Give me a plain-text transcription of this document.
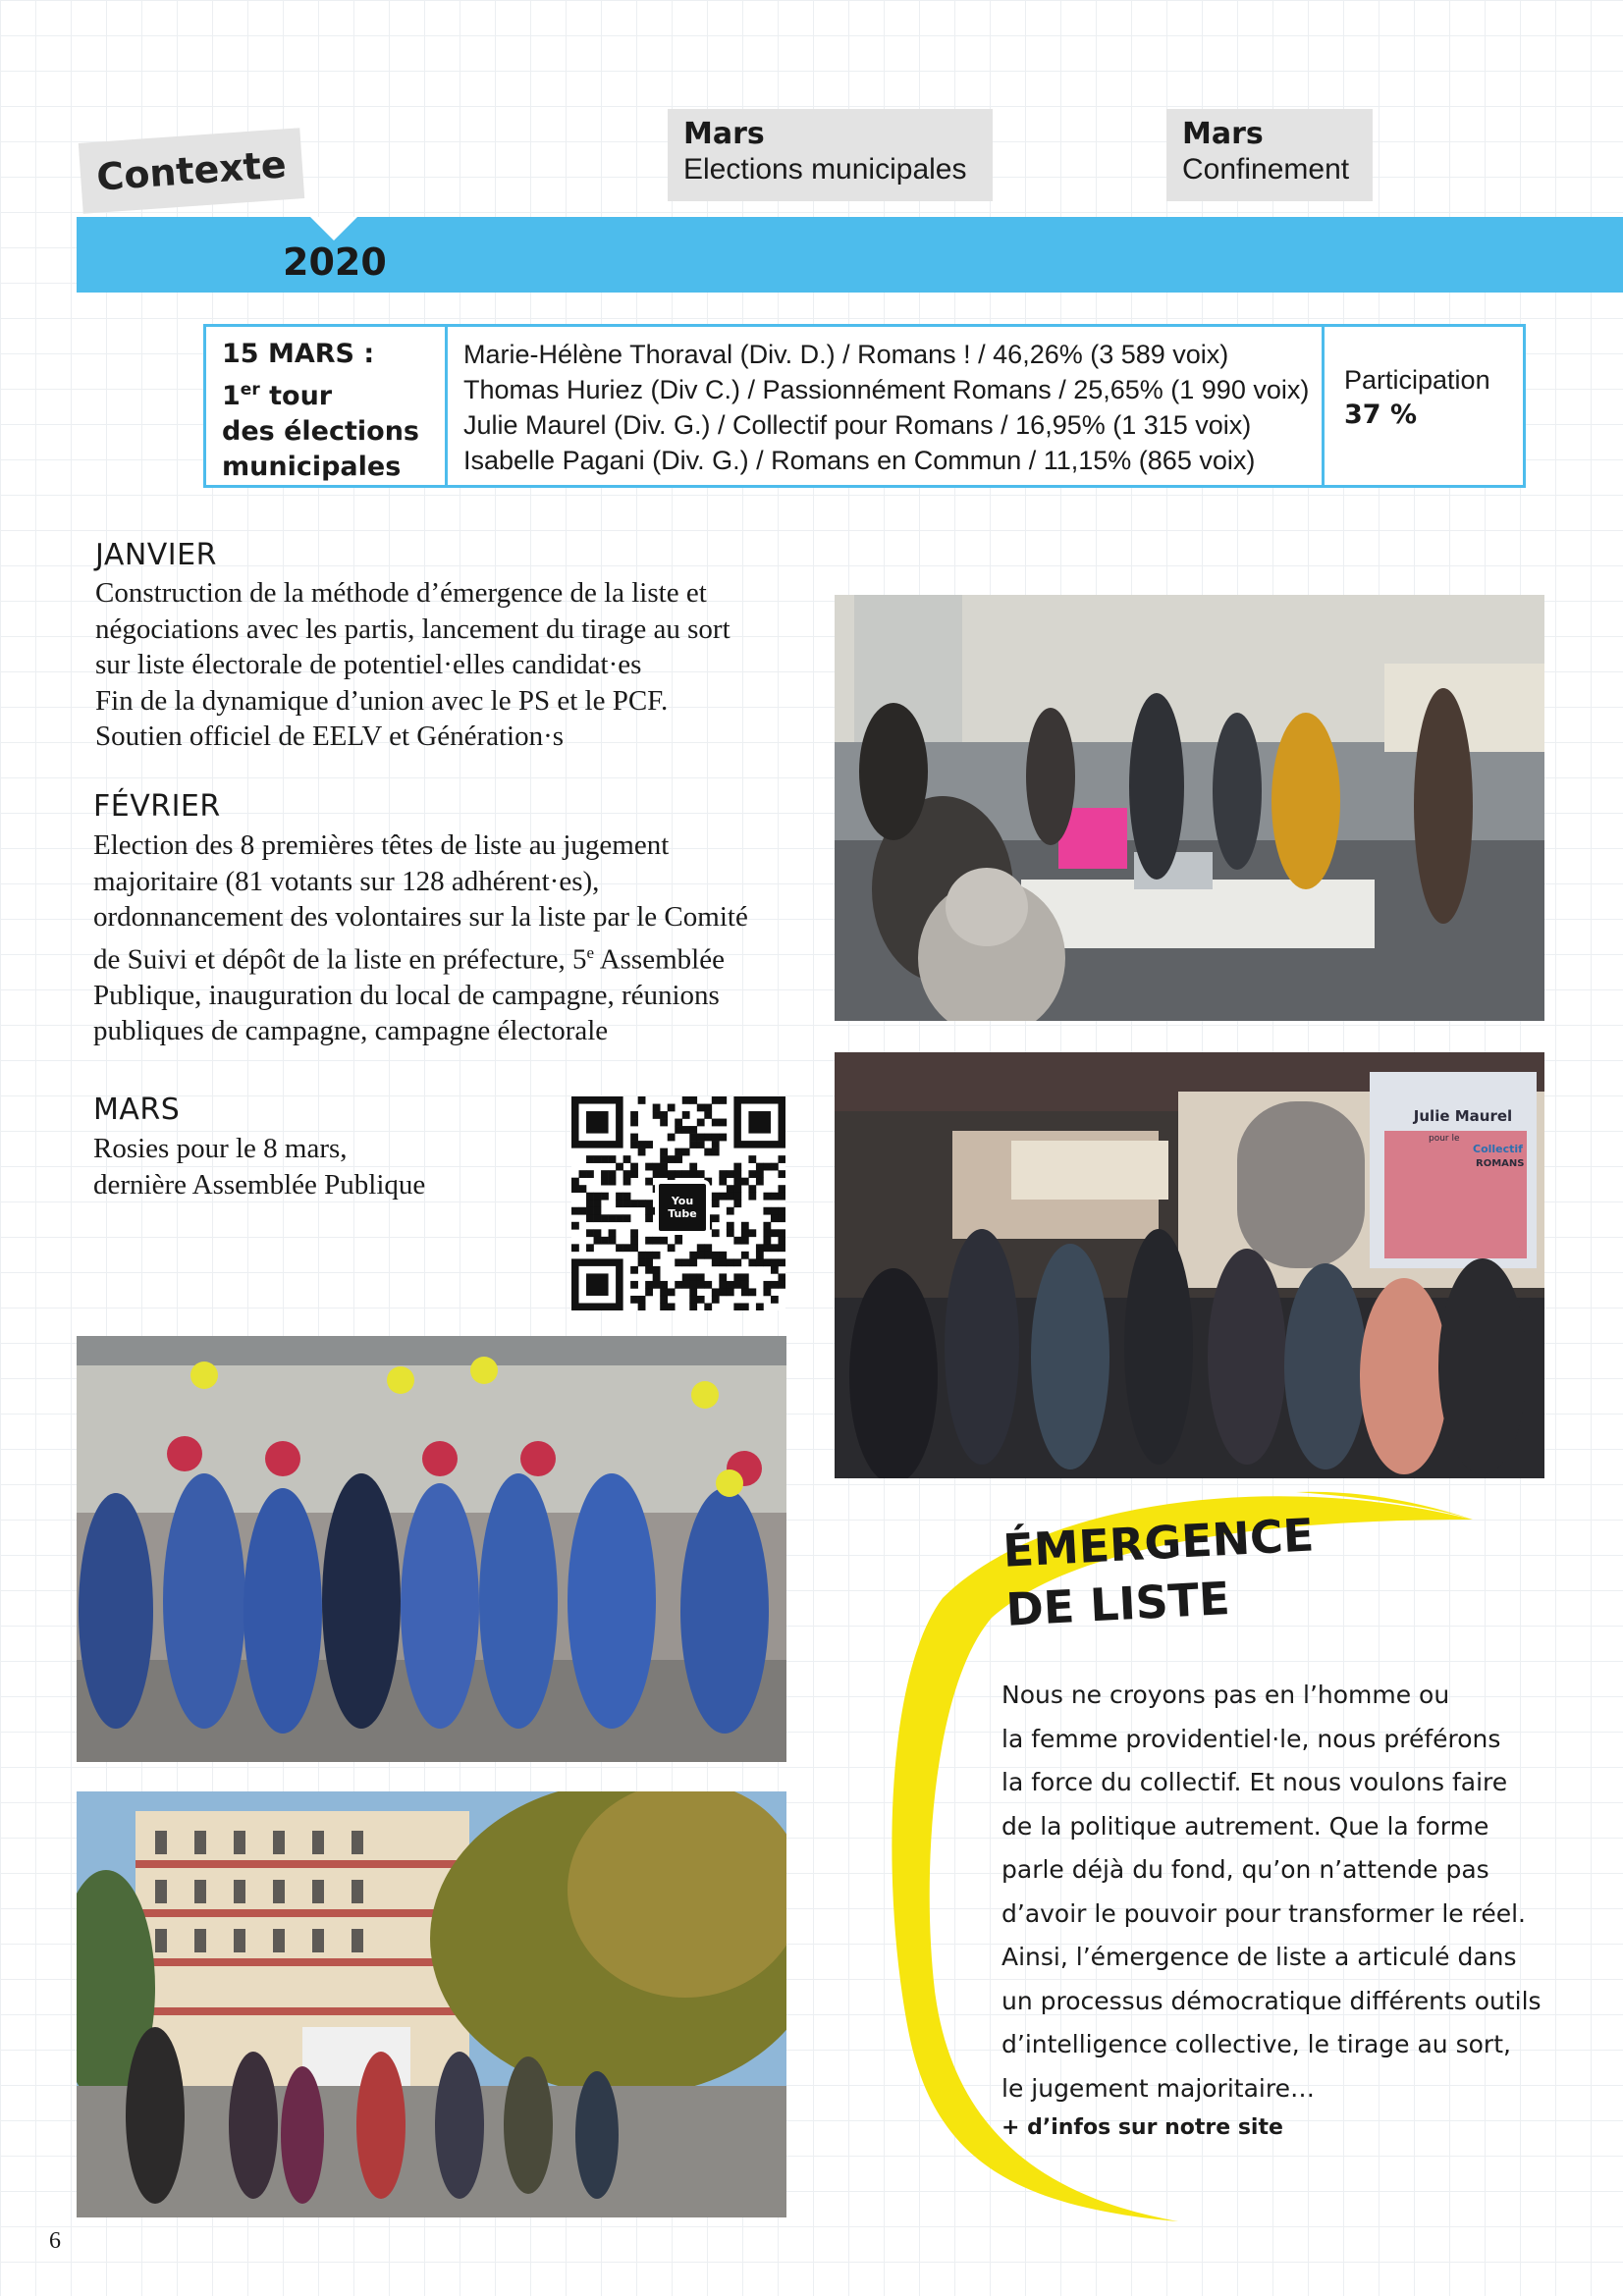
Contexte
Mars
Elections municipales
Mars
Confinement
2020
15 MARS :
1er tour
des élections
municipales
Marie-Hélène Thoraval (Div. D.) / Romans ! / 46,26% (3 589 voix)
Thomas Huriez (Div C.) / Passionnément Romans / 25,65% (1 990 voix)
Julie Maurel (Div. G.) / Collectif pour Romans / 16,95% (1 315 voix)
Isabelle Pagani (Div. G.) / Romans en Commun / 11,15% (865 voix)
Participation
37 %
JANVIER
Construction de la méthode d’émergence de la liste et
négociations avec les partis, lancement du tirage au sort
sur liste électorale de potentiel·elles candidat·es
Fin de la dynamique d’union avec le PS et le PCF.
Soutien officiel de EELV et Génération·s
FÉVRIER
Election des 8 premières têtes de liste au jugement
majoritaire (81 votants sur 128 adhérent·es),
ordonnancement des volontaires sur la liste par le Comité
de Suivi et dépôt de la liste en préfecture, 5e Assemblée
Publique, inauguration du local de campagne, réunions
publiques de campagne, campagne électorale
MARS
Rosies pour le 8 mars,
dernière Assemblée Publique
You
Tube
Julie Maurel
pour le
Collectif
ROMANS
ÉMERGENCE
DE LISTE
Nous ne croyons pas en l’homme ou
la femme providentiel·le, nous préférons
la force du collectif. Et nous voulons faire
de la politique autrement. Que la forme
parle déjà du fond, qu’on n’attende pas
d’avoir le pouvoir pour transformer le réel.
Ainsi, l’émergence de liste a articulé dans
un processus démocratique différents outils
d’intelligence collective, le tirage au sort,
le jugement majoritaire…
+ d’infos sur notre site
6
